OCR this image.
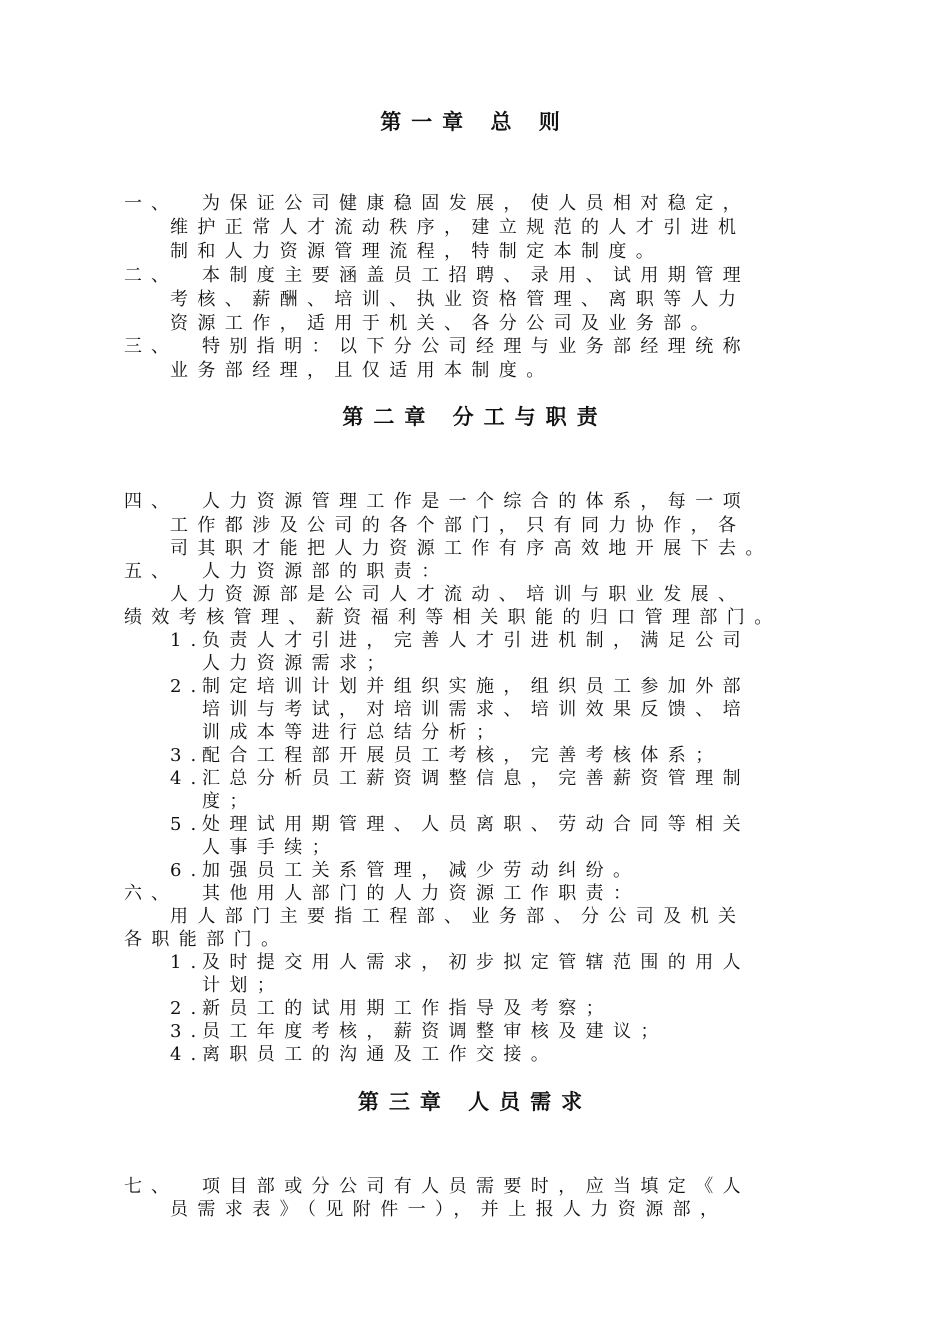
第一章 总 则
一、 为保证公司健康稳固发展，使人员相对稳定，
维护正常人才流动秩序，建立规范的人才引进机
制和人力资源管理流程，特制定本制度。
二、 本制度主要涵盖员工招聘、录用、试用期管理
考核、薪酬、培训、执业资格管理、离职等人力
资源工作，适用于机关、各分公司及业务部。
三、 特别指明：以下分公司经理与业务部经理统称
业务部经理，且仅适用本制度。
第二章 分工与职责
四、 人力资源管理工作是一个综合的体系，每一项
工作都涉及公司的各个部门，只有同力协作，各
司其职才能把人力资源工作有序高效地开展下去。
五、 人力资源部的职责：
人力资源部是公司人才流动、培训与职业发展、
绩效考核管理、薪资福利等相关职能的归口管理部门。
1.
负责人才引进，完善人才引进机制，满足公司
人力资源需求；
2.
制定培训计划并组织实施，组织员工参加外部
培训与考试，对培训需求、培训效果反馈、培
训成本等进行总结分析；
3.
配合工程部开展员工考核，完善考核体系；
4.
汇总分析员工薪资调整信息，完善薪资管理制
度；
5.
处理试用期管理、人员离职、劳动合同等相关
人事手续；
6.
加强员工关系管理，减少劳动纠纷。
六、 其他用人部门的人力资源工作职责：
用人部门主要指工程部、业务部、分公司及机关
各职能部门。
1.
及时提交用人需求，初步拟定管辖范围的用人
计划；
2.
新员工的试用期工作指导及考察；
3.
员工年度考核，薪资调整审核及建议；
4.
离职员工的沟通及工作交接。
第三章 人员需求
七、 项目部或分公司有人员需要时，应当填定《人
员需求表》（见附件一），并上报人力资源部，
